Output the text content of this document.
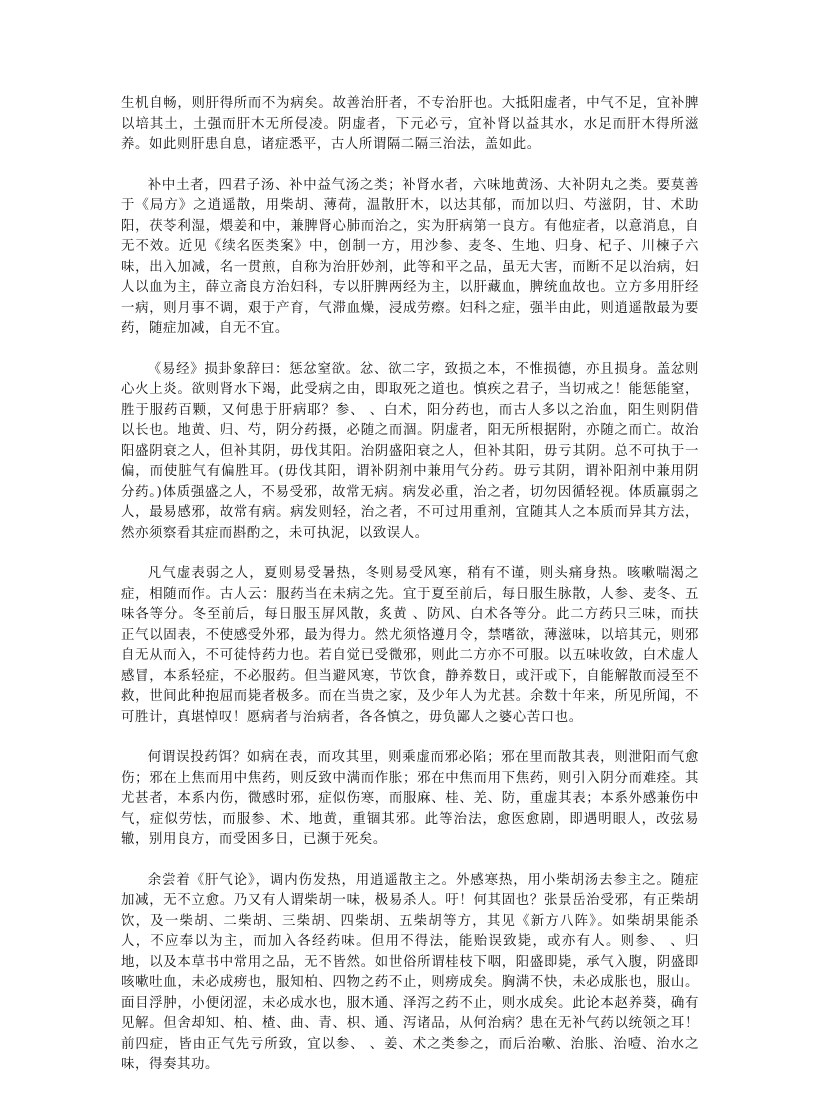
生机自畅，则肝得所而不为病矣。故善治肝者，不专治肝也。大抵阳虚者，中气不足，宜补脾以培其土，土强而肝木无所侵凌。阴虚者，下元必亏，宜补肾以益其水，水足而肝木得所滋养。如此则肝患自息，诸症悉平，古人所谓隔二隔三治法，盖如此。

补中土者，四君子汤、补中益气汤之类；补肾水者，六味地黄汤、大补阴丸之类。要莫善于《局方》之逍遥散，用柴胡、薄荷，温散肝木，以达其郁，而加以归、芍滋阴，甘、术助阳，茯苓利湿，煨姜和中，兼脾肾心肺而治之，实为肝病第一良方。有他症者，以意消息，自无不效。近见《续名医类案》中，创制一方，用沙参、麦冬、生地、归身、杞子、川楝子六味，出入加减，名一贯煎，自称为治肝妙剂，此等和平之品，虽无大害，而断不足以治病，妇人以血为主，薛立斋良方治妇科，专以肝脾两经为主，以肝藏血，脾统血故也。立方多用肝经一病，则月事不调，艰于产育，气滞血燥，浸成劳瘵。妇科之症，强半由此，则逍遥散最为要药，随症加减，自无不宜。

《易经》损卦象辞曰：惩忿窒欲。忿、欲二字，致损之本，不惟损德，亦且损身。盖忿则心火上炎。欲则肾水下竭，此受病之由，即取死之道也。慎疾之君子，当切戒之！能惩能窒，胜于服药百颗，又何患于肝病耶？参、 、白术，阳分药也，而古人多以之治血，阳生则阴借以长也。地黄、归、芍，阴分药摄，必随之而涸。阴虚者，阳无所根据附，亦随之而亡。故治阳盛阴衰之人，但补其阴，毋伐其阳。治阴盛阳衰之人，但补其阳，毋亏其阴。总不可执于一偏，而使脏气有偏胜耳。(毋伐其阳，谓补阴剂中兼用气分药。毋亏其阴，谓补阳剂中兼用阴分药。)体质强盛之人，不易受邪，故常无病。病发必重，治之者，切勿因循轻视。体质羸弱之人，最易感邪，故常有病。病发则轻，治之者，不可过用重剂，宜随其人之本质而异其方法，然亦须察看其症而斟酌之，未可执泥，以致误人。

凡气虚表弱之人，夏则易受暑热，冬则易受风寒，稍有不谨，则头痛身热。咳嗽喘渴之症，相随而作。古人云：服药当在未病之先。宜于夏至前后，每日服生脉散，人参、麦冬、五味各等分。冬至前后，每日服玉屏风散，炙黄 、防风、白术各等分。此二方药只三味，而扶正气以固表，不使感受外邪，最为得力。然尤须恪遵月令，禁嗜欲，薄滋味，以培其元，则邪自无从而入，不可徒恃药力也。若自觉已受微邪，则此二方亦不可服。以五味收敛，白术虚人感冒，本系轻症，不必服药。但当避风寒，节饮食，静养数日，或汗或下，自能解散而浸至不救，世间此种抱屈而毙者极多。而在当贵之家，及少年人为尤甚。余数十年来，所见所闻，不可胜计，真堪悼叹！愿病者与治病者，各各慎之，毋负鄙人之婆心苦口也。

何谓误投药饵？如病在表，而攻其里，则乘虚而邪必陷；邪在里而散其表，则泄阳而气愈伤；邪在上焦而用中焦药，则反致中满而作胀；邪在中焦而用下焦药，则引入阴分而难痊。其尤甚者，本系内伤，微感时邪，症似伤寒，而服麻、桂、羌、防，重虚其表；本系外感兼伤中气，症似劳怯，而服参、术、地黄，重锢其邪。此等治法，愈医愈剧，即遇明眼人，改弦易辙，别用良方，而受困多日，已濒于死矣。

余尝着《肝气论》，调内伤发热，用逍遥散主之。外感寒热，用小柴胡汤去参主之。随症加减，无不立愈。乃又有人谓柴胡一味，极易杀人。吁！何其固也？张景岳治受邪，有正柴胡饮，及一柴胡、二柴胡、三柴胡、四柴胡、五柴胡等方，其见《新方八阵》。如柴胡果能杀人，不应奉以为主，而加入各经药味。但用不得法，能贻误致毙，或亦有人。则参、 、归地，以及本草书中常用之品，无不皆然。如世俗所谓桂枝下咽，阳盛即毙，承气入腹，阴盛即咳嗽吐血，未必成痨也，服知柏、四物之药不止，则痨成矣。胸满不快，未必成胀也，服山。面目浮肿，小便闭涩，未必成水也，服木通、泽泻之药不止，则水成矣。此论本赵养葵，确有见解。但舍却知、柏、楂、曲、青、枳、通、泻诸品，从何治病？患在无补气药以统领之耳！前四症，皆由正气先亏所致，宜以参、 、姜、术之类参之，而后治嗽、治胀、治噎、治水之味，得奏其功。
